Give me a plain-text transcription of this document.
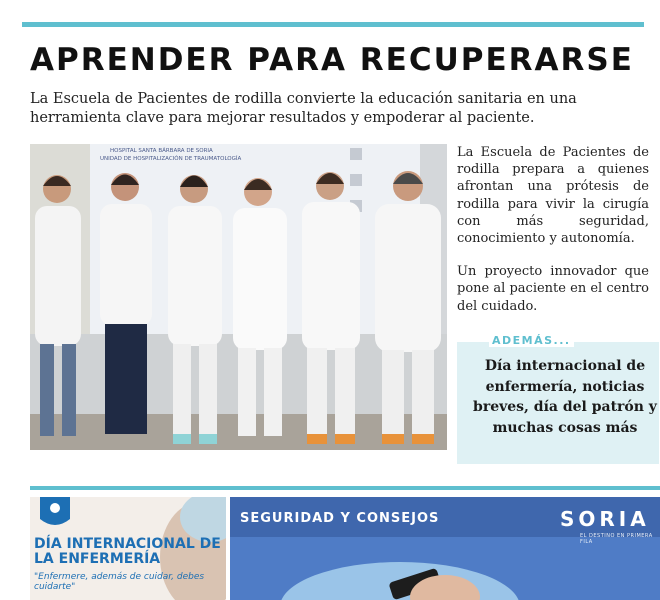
APRENDER PARA RECUPERARSE
La Escuela de Pacientes de rodilla convierte la educación sanitaria en una herramienta clave para mejorar resultados y empoderar al paciente.
HOSPITAL SANTA BÁRBARA DE SORIA
UNIDAD DE HOSPITALIZACIÓN DE TRAUMATOLOGÍA	La Escuela de Pacientes de rodilla prepara a quienes afrontan una prótesis de rodilla para vivir la cirugía con más seguridad, conocimiento y autonomía.

Un proyecto innovador que pone al paciente en el centro del cuidado.

ADEMÁS...
Día internacional de enfermería, noticias breves, día del patrón y muchas cosas más
DÍA INTERNACIONAL DE LA ENFERMERÍA
"Enfermere, además de cuidar, debes cuidarte"
SEGURIDAD Y CONSEJOS	SORIA
EL DESTINO EN PRIMERA FILA
